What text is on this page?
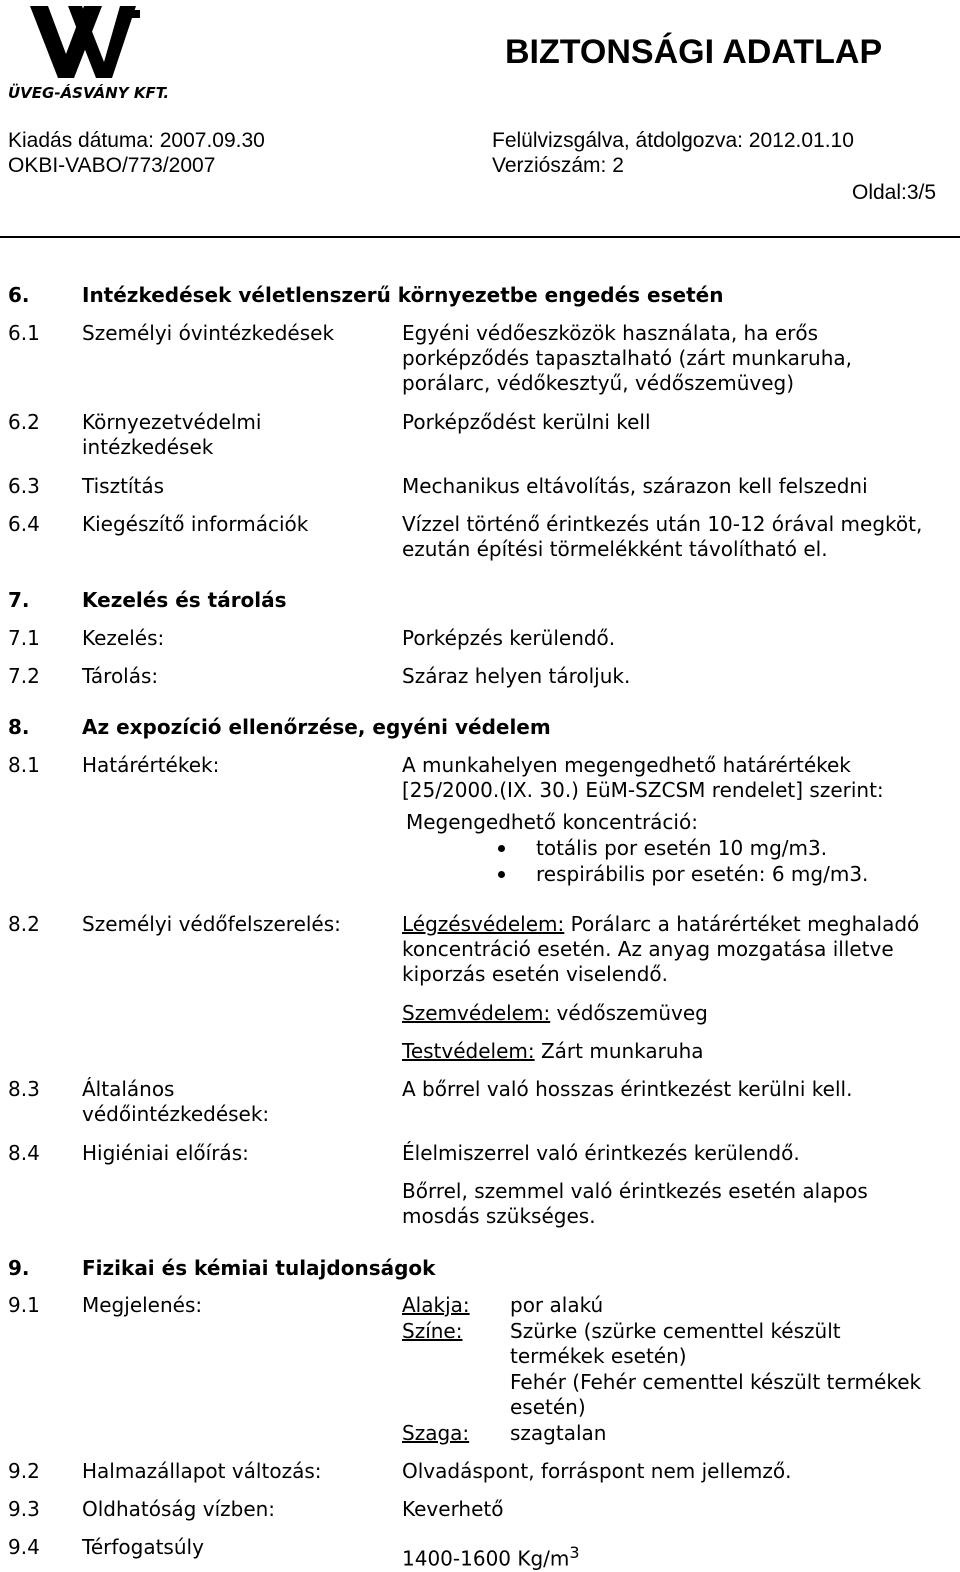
ÜVEG-ÁSVÁNY KFT.
BIZTONSÁGI ADATLAP
Kiadás dátuma: 2007.09.30
OKBI-VABO/773/2007
Felülvizsgálva, átdolgozva: 2012.01.10
Verziószám: 2
Oldal:3/5
6.	Intézkedések véletlenszerű környezetbe engedés esetén
6.1 Személyi óvintézkedések	Egyéni védőeszközök használata, ha erős
porképződés tapasztalható (zárt munkaruha,
porálarc, védőkesztyű, védőszemüveg)
6.2 Környezetvédelmi
intézkedések
Porképződést kerülni kell
6.3 Tisztítás	Mechanikus eltávolítás, szárazon kell felszedni
6.4 Kiegészítő információk	Vízzel történő érintkezés után 10-12 órával megköt,
ezután építési törmelékként távolítható el.
7.	Kezelés és tárolás
7.1 Kezelés:	Porképzés kerülendő.
7.2 Tárolás:	Száraz helyen tároljuk.
8.	Az expozíció ellenőrzése, egyéni védelem
8.1 Határértékek:	A munkahelyen megengedhető határértékek
[25/2000.(IX. 30.) EüM-SZCSM rendelet] szerint:
Megengedhető koncentráció:
totális por esetén 10 mg/m3.
respirábilis por esetén: 6 mg/m3.
8.2 Személyi védőfelszerelés:	Légzésvédelem: Porálarc a határértéket meghaladó
koncentráció esetén. Az anyag mozgatása illetve
kiporzás esetén viselendő.
Szemvédelem: védőszemüveg
Testvédelem: Zárt munkaruha
8.3 Általános
védőintézkedések:
A bőrrel való hosszas érintkezést kerülni kell.
8.4 Higiéniai előírás:	Élelmiszerrel való érintkezés kerülendő.
Bőrrel, szemmel való érintkezés esetén alapos
mosdás szükséges.
9.	Fizikai és kémiai tulajdonságok
9.1 Megjelenés:	Alakja: por alakú
Színe: Szürke (szürke cementtel készült
termékek esetén)
Fehér (Fehér cementtel készült termékek
esetén)
Szaga: szagtalan
9.2 Halmazállapot változás:	Olvadáspont, forráspont nem jellemző.
9.3 Oldhatóság vízben:	Keverhető
9.4 Térfogatsúly	1400-1600 $Kg/m^3$
